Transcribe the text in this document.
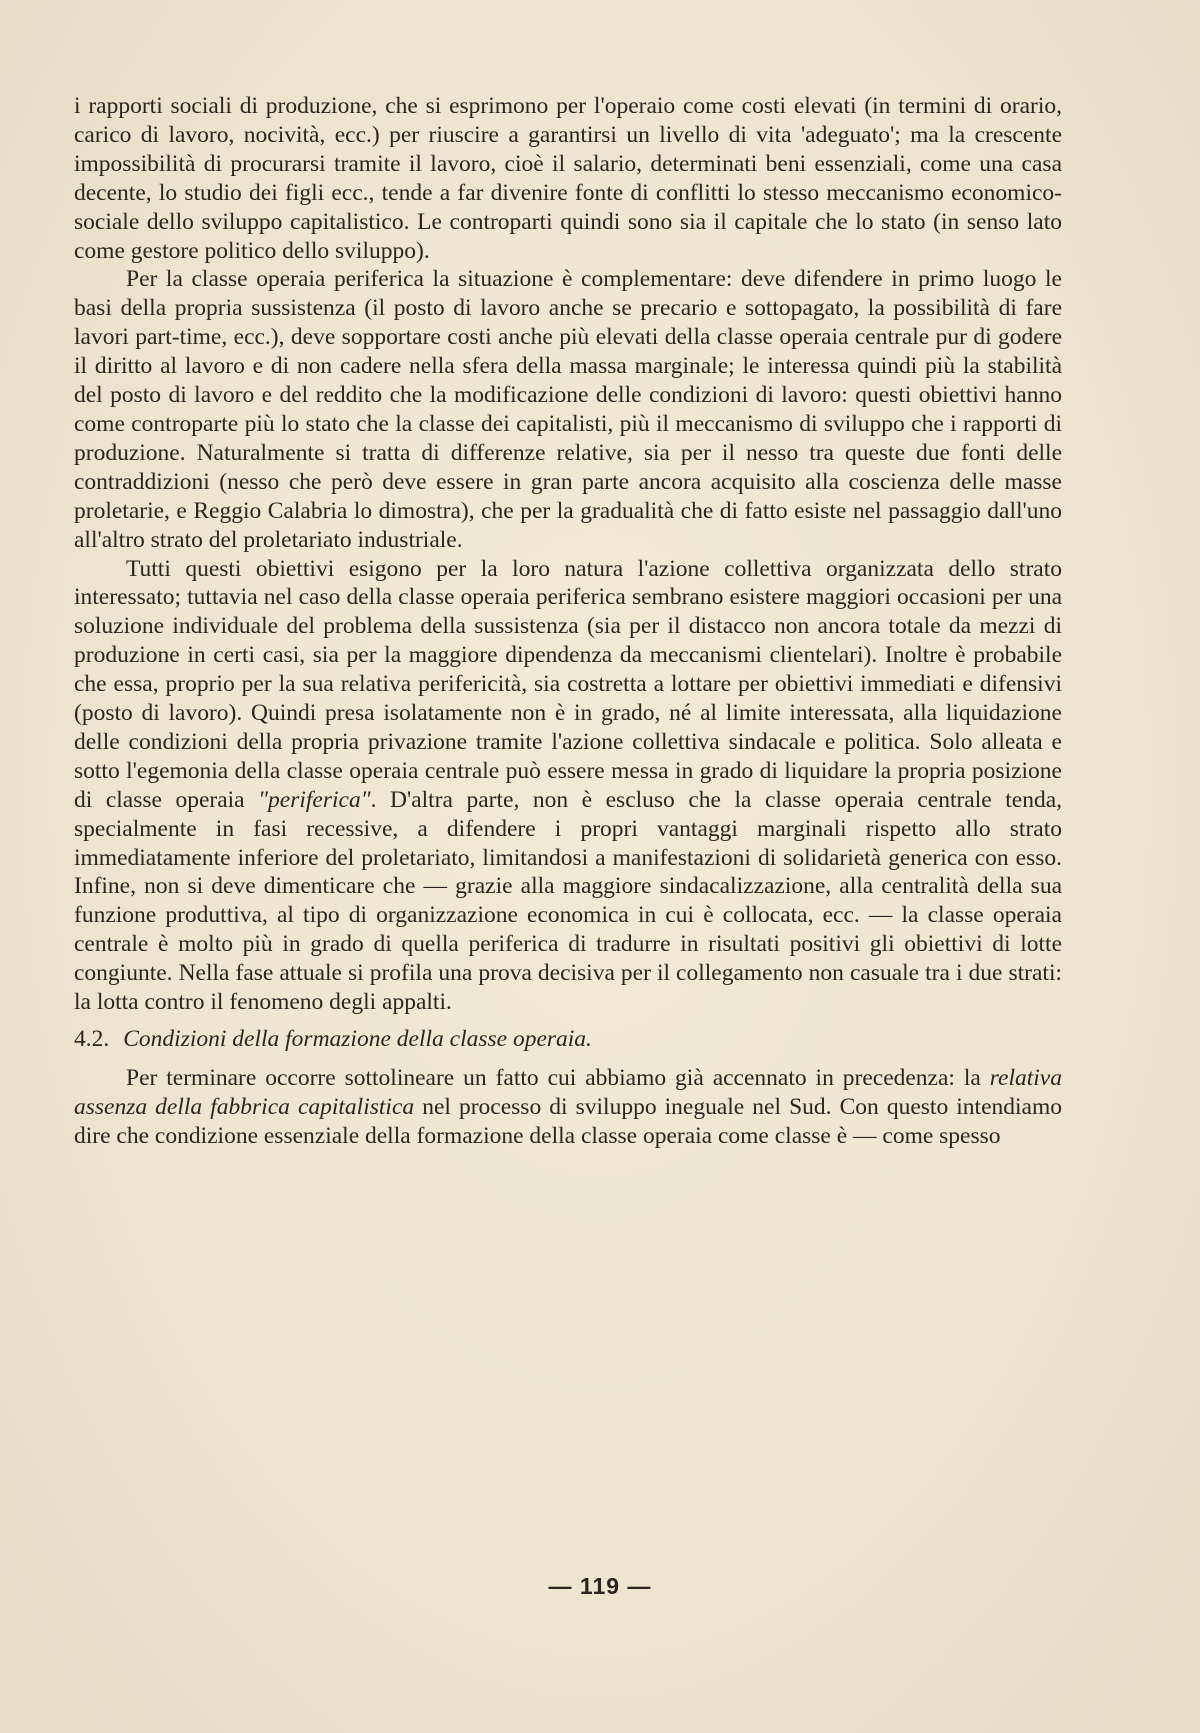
i rapporti sociali di produzione, che si esprimono per l'operaio come costi elevati (in termini di orario, carico di lavoro, nocività, ecc.) per riuscire a garantirsi un livello di vita 'adeguato'; ma la crescente impossibilità di procurarsi tramite il lavoro, cioè il salario, determinati beni essenziali, come una casa decente, lo studio dei figli ecc., tende a far divenire fonte di conflitti lo stesso meccanismo economico-sociale dello sviluppo capitalistico. Le controparti quindi sono sia il capitale che lo stato (in senso lato come gestore politico dello sviluppo).

Per la classe operaia periferica la situazione è complementare: deve difendere in primo luogo le basi della propria sussistenza (il posto di lavoro anche se precario e sottopagato, la possibilità di fare lavori part-time, ecc.), deve sopportare costi anche più elevati della classe operaia centrale pur di godere il diritto al lavoro e di non cadere nella sfera della massa marginale; le interessa quindi più la stabilità del posto di lavoro e del reddito che la modificazione delle condizioni di lavoro: questi obiettivi hanno come controparte più lo stato che la classe dei capitalisti, più il meccanismo di sviluppo che i rapporti di produzione. Naturalmente si tratta di differenze relative, sia per il nesso tra queste due fonti delle contraddizioni (nesso che però deve essere in gran parte ancora acquisito alla coscienza delle masse proletarie, e Reggio Calabria lo dimostra), che per la gradualità che di fatto esiste nel passaggio dall'uno all'altro strato del proletariato industriale.

Tutti questi obiettivi esigono per la loro natura l'azione collettiva organizzata dello strato interessato; tuttavia nel caso della classe operaia periferica sembrano esistere maggiori occasioni per una soluzione individuale del problema della sussistenza (sia per il distacco non ancora totale da mezzi di produzione in certi casi, sia per la maggiore dipendenza da meccanismi clientelari). Inoltre è probabile che essa, proprio per la sua relativa perifericità, sia costretta a lottare per obiettivi immediati e difensivi (posto di lavoro). Quindi presa isolatamente non è in grado, né al limite interessata, alla liquidazione delle condizioni della propria privazione tramite l'azione collettiva sindacale e politica. Solo alleata e sotto l'egemonia della classe operaia centrale può essere messa in grado di liquidare la propria posizione di classe operaia "periferica". D'altra parte, non è escluso che la classe operaia centrale tenda, specialmente in fasi recessive, a difendere i propri vantaggi marginali rispetto allo strato immediatamente inferiore del proletariato, limitandosi a manifestazioni di solidarietà generica con esso. Infine, non si deve dimenticare che — grazie alla maggiore sindacalizzazione, alla centralità della sua funzione produttiva, al tipo di organizzazione economica in cui è collocata, ecc. — la classe operaia centrale è molto più in grado di quella periferica di tradurre in risultati positivi gli obiettivi di lotte congiunte. Nella fase attuale si profila una prova decisiva per il collegamento non casuale tra i due strati: la lotta contro il fenomeno degli appalti.

4.2. Condizioni della formazione della classe operaia.

Per terminare occorre sottolineare un fatto cui abbiamo già accennato in precedenza: la relativa assenza della fabbrica capitalistica nel processo di sviluppo ineguale nel Sud. Con questo intendiamo dire che condizione essenziale della formazione della classe operaia come classe è — come spesso

— 119 —
